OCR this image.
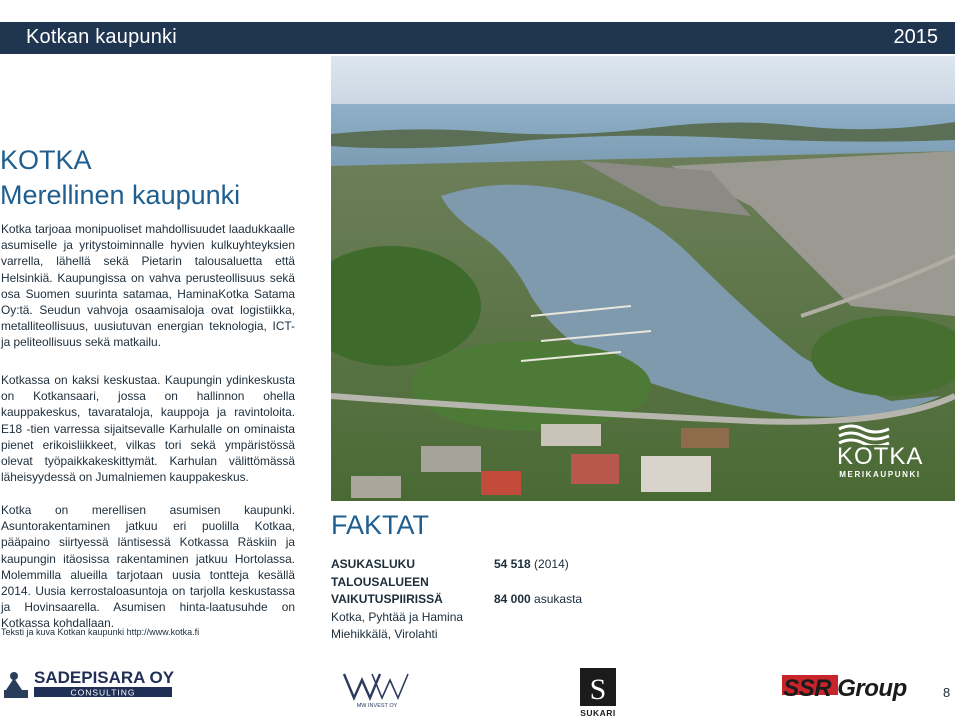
Kotkan kaupunki	2015
KOTKA
MERIKAUPUNKI
KOTKA
Merellinen kaupunki

Kotka tarjoaa monipuoliset mahdollisuudet laadukkaalle asumiselle ja yritystoiminnalle hyvien kulkuyhteyksien varrella, lähellä sekä Pietarin talousaluetta että Helsinkiä. Kaupungissa on vahva perusteollisuus sekä osa Suomen suurinta satamaa, HaminaKotka Satama Oy:tä. Seudun vahvoja osaamisaloja ovat logistiikka, metalliteollisuus, uusiutuvan energian teknologia, ICT- ja peliteollisuus sekä matkailu.

Kotkassa on kaksi keskustaa. Kaupungin ydinkeskusta on Kotkansaari, jossa on hallinnon ohella kauppakeskus, tavarataloja, kauppoja ja ravintoloita. E18 -tien varressa sijaitsevalle Karhulalle on ominaista pienet erikoisliikkeet, vilkas tori sekä ympäristössä olevat työpaikkakeskittymät. Karhulan välittömässä läheisyydessä on Jumalniemen kauppakeskus.

Kotka on merellisen asumisen kaupunki. Asuntorakentaminen jatkuu eri puolilla Kotkaa, pääpaino siirtyessä läntisessä Kotkassa Räskiin ja kaupungin itäosissa rakentaminen jatkuu Hortolassa. Molemmilla alueilla tarjotaan uusia tontteja kesällä 2014. Uusia kerrostaloasuntoja on tarjolla keskustassa ja Hovinsaarella. Asumisen hinta-laatusuhde on Kotkassa kohdallaan.

Teksti ja kuva Kotkan kaupunki http://www.kotka.fi
FAKTAT
ASUKASLUKU	54 518 (2014)
TALOUSALUEEN
VAIKUTUSPIIRISSÄ	84 000 asukasta
Kotka, Pyhtää ja Hamina
Miehikkälä, Virolahti
SADEPISARA OY
CONSULTING
MW INVEST OY	S
SUKARI
SSR Group	8
